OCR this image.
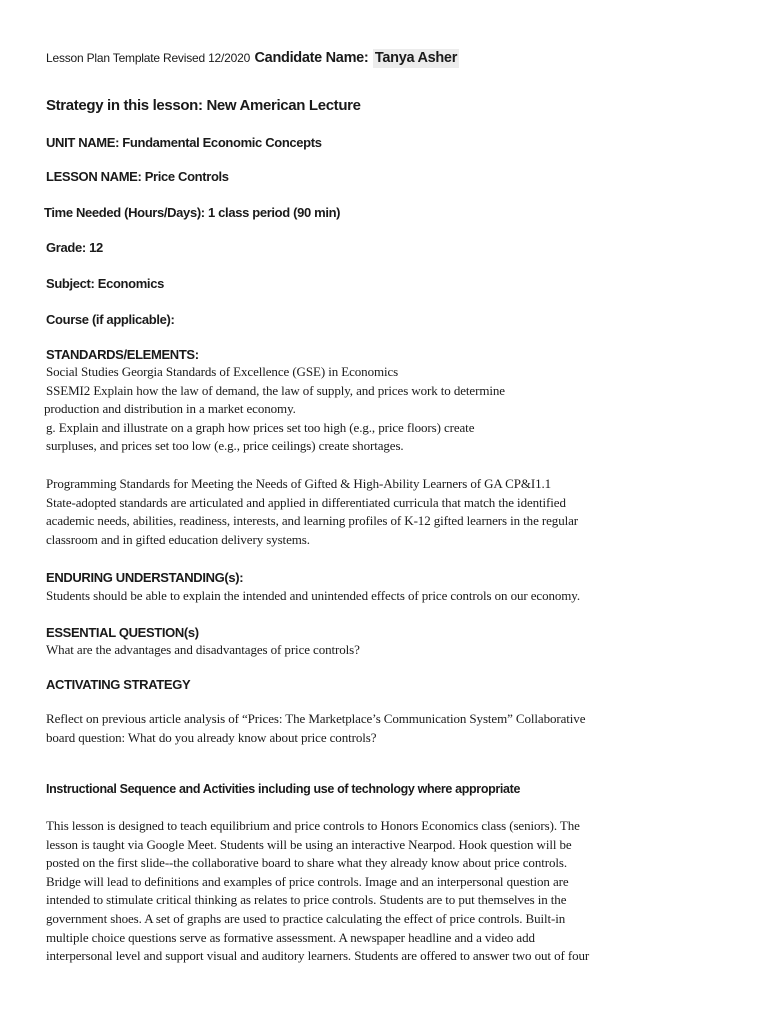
Lesson Plan Template Revised 12/2020 Candidate Name: Tanya Asher
Strategy in this lesson: New American Lecture
UNIT NAME: Fundamental Economic Concepts
LESSON NAME: Price Controls
Time Needed (Hours/Days): 1 class period (90 min)
Grade: 12
Subject: Economics
Course (if applicable):
STANDARDS/ELEMENTS:
Social Studies Georgia Standards of Excellence (GSE) in Economics
SSEMI2 Explain how the law of demand, the law of supply, and prices work to determine
production and distribution in a market economy.
g. Explain and illustrate on a graph how prices set too high (e.g., price floors) create
surpluses, and prices set too low (e.g., price ceilings) create shortages.
Programming Standards for Meeting the Needs of Gifted & High-Ability Learners of GA CP&I1.1
State-adopted standards are articulated and applied in differentiated curricula that match the identified
academic needs, abilities, readiness, interests, and learning profiles of K-12 gifted learners in the regular
classroom and in gifted education delivery systems.
ENDURING UNDERSTANDING(s):
Students should be able to explain the intended and unintended effects of price controls on our economy.
ESSENTIAL QUESTION(s)
What are the advantages and disadvantages of price controls?
ACTIVATING STRATEGY
Reflect on previous article analysis of “Prices: The Marketplace’s Communication System” Collaborative
board question: What do you already know about price controls?
Instructional Sequence and Activities including use of technology where appropriate
This lesson is designed to teach equilibrium and price controls to Honors Economics class (seniors). The
lesson is taught via Google Meet. Students will be using an interactive Nearpod. Hook question will be
posted on the first slide--the collaborative board to share what they already know about price controls.
Bridge will lead to definitions and examples of price controls. Image and an interpersonal question are
intended to stimulate critical thinking as relates to price controls. Students are to put themselves in the
government shoes. A set of graphs are used to practice calculating the effect of price controls. Built-in
multiple choice questions serve as formative assessment. A newspaper headline and a video add
interpersonal level and support visual and auditory learners. Students are offered to answer two out of four
